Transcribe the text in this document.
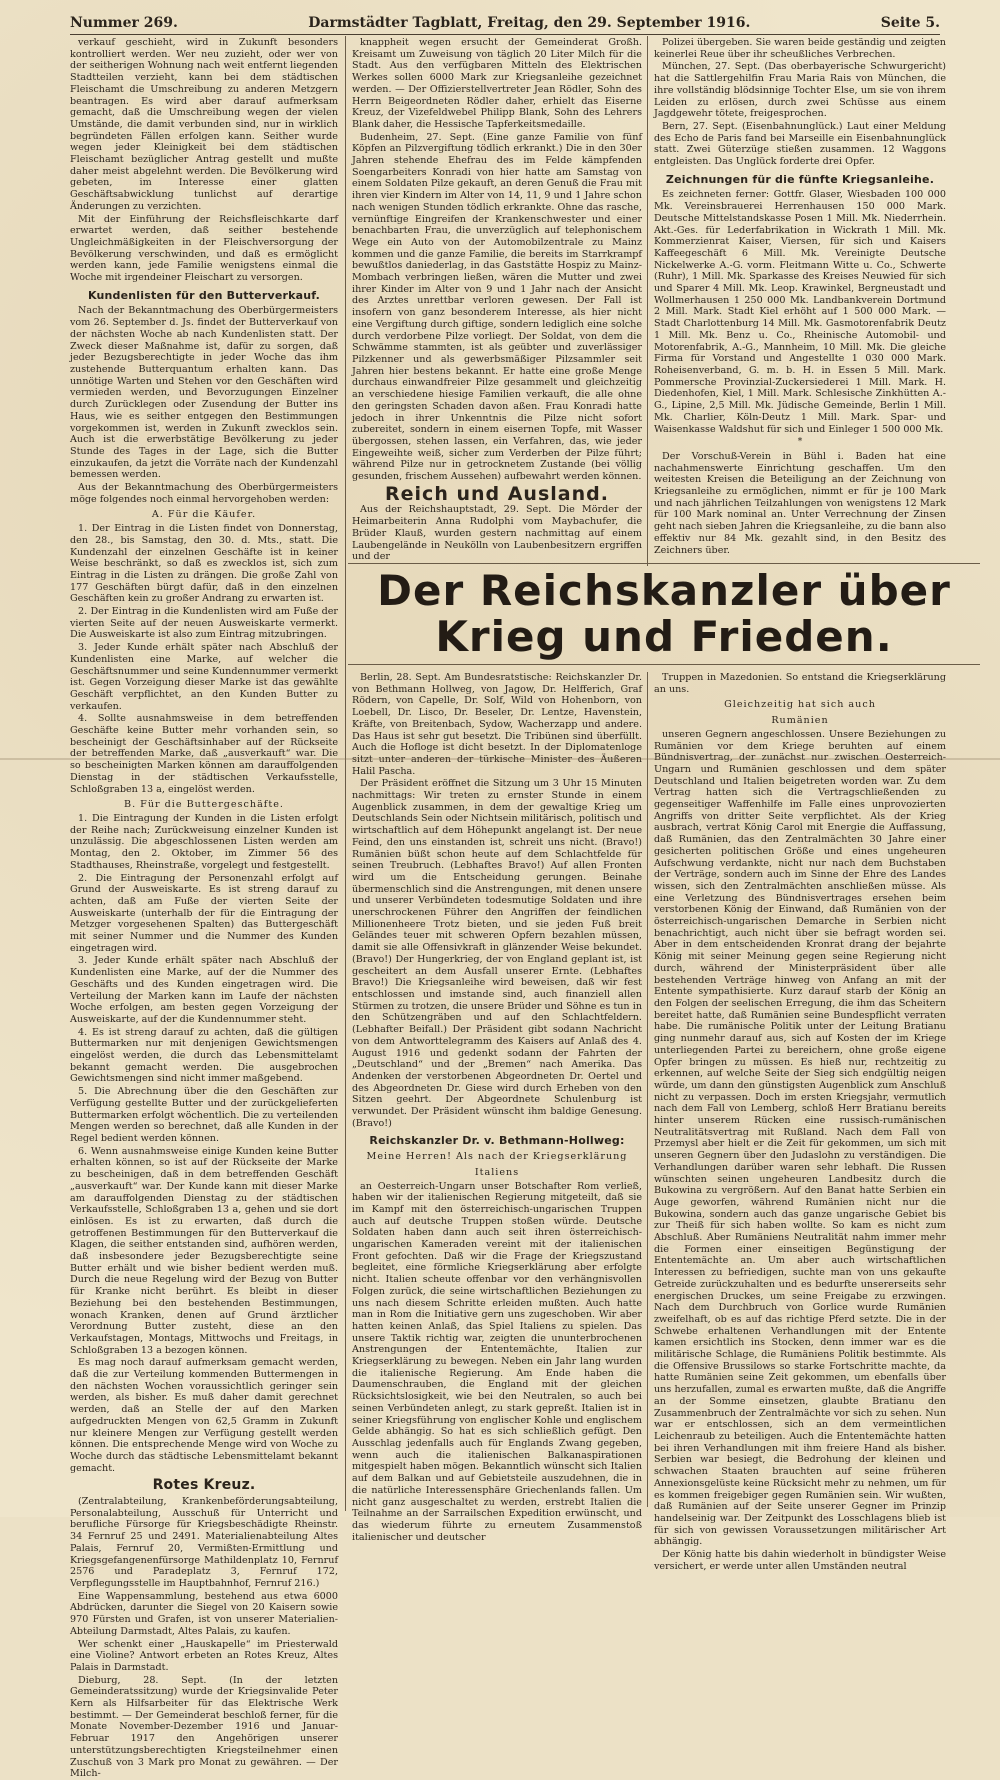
Nummer 269.	Darmstädter Tagblatt, Freitag, den 29. September 1916.	Seite 5.

verkauf geschieht, wird in Zukunft besonders kontrolliert werden. Wer neu zuzieht, oder wer von der seitherigen Wohnung nach weit entfernt liegenden Stadtteilen verzieht, kann bei dem städtischen Fleischamt die Umschreibung zu anderen Metzgern beantragen. Es wird aber darauf aufmerksam gemacht, daß die Umschreibung wegen der vielen Umstände, die damit verbunden sind, nur in wirklich begründeten Fällen erfolgen kann. Seither wurde wegen jeder Kleinigkeit bei dem städtischen Fleischamt bezüglicher Antrag gestellt und mußte daher meist abgelehnt werden. Die Bevölkerung wird gebeten, im Interesse einer glatten Geschäftsabwicklung tunlichst auf derartige Änderungen zu verzichten.

Mit der Einführung der Reichsfleischkarte darf erwartet werden, daß seither bestehende Ungleichmäßigkeiten in der Fleischversorgung der Bevölkerung verschwinden, und daß es ermöglicht werden kann, jede Familie wenigstens einmal die Woche mit irgendeiner Fleischart zu versorgen.

Kundenlisten für den Butterverkauf.

Nach der Bekanntmachung des Oberbürgermeisters vom 26. September d. Js. findet der Butterverkauf von der nächsten Woche ab nach Kundenlisten statt. Der Zweck dieser Maßnahme ist, dafür zu sorgen, daß jeder Bezugsberechtigte in jeder Woche das ihm zustehende Butterquantum erhalten kann. Das unnötige Warten und Stehen vor den Geschäften wird vermieden werden, und Bevorzugungen Einzelner durch Zurücklegen oder Zusendung der Butter ins Haus, wie es seither entgegen den Bestimmungen vorgekommen ist, werden in Zukunft zwecklos sein. Auch ist die erwerbstätige Bevölkerung zu jeder Stunde des Tages in der Lage, sich die Butter einzukaufen, da jetzt die Vorräte nach der Kundenzahl bemessen werden.

Aus der Bekanntmachung des Oberbürgermeisters möge folgendes noch einmal hervorgehoben werden:

A. Für die Käufer.

1. Der Eintrag in die Listen findet von Donnerstag, den 28., bis Samstag, den 30. d. Mts., statt. Die Kundenzahl der einzelnen Geschäfte ist in keiner Weise beschränkt, so daß es zwecklos ist, sich zum Eintrag in die Listen zu drängen. Die große Zahl von 177 Geschäften bürgt dafür, daß in den einzelnen Geschäften kein zu großer Andrang zu erwarten ist.

2. Der Eintrag in die Kundenlisten wird am Fuße der vierten Seite auf der neuen Ausweiskarte vermerkt. Die Ausweiskarte ist also zum Eintrag mitzubringen.

3. Jeder Kunde erhält später nach Abschluß der Kundenlisten eine Marke, auf welcher die Geschäftsnummer und seine Kundennummer vermerkt ist. Gegen Vorzeigung dieser Marke ist das gewählte Geschäft verpflichtet, an den Kunden Butter zu verkaufen.

4. Sollte ausnahmsweise in dem betreffenden Geschäfte keine Butter mehr vorhanden sein, so bescheinigt der Geschäftsinhaber auf der Rückseite der betreffenden Marke, daß „ausverkauft“ war. Die so bescheinigten Marken können am darauffolgenden Dienstag in der städtischen Verkaufsstelle, Schloßgraben 13 a, eingelöst werden.

B. Für die Buttergeschäfte.

1. Die Eintragung der Kunden in die Listen erfolgt der Reihe nach; Zurückweisung einzelner Kunden ist unzulässig. Die abgeschlossenen Listen werden am Montag, den 2. Oktober, im Zimmer 56 des Stadthauses, Rheinstraße, vorgelegt und festgestellt.

2. Die Eintragung der Personenzahl erfolgt auf Grund der Ausweiskarte. Es ist streng darauf zu achten, daß am Fuße der vierten Seite der Ausweiskarte (unterhalb der für die Eintragung der Metzger vorgesehenen Spalten) das Buttergeschäft mit seiner Nummer und die Nummer des Kunden eingetragen wird.

3. Jeder Kunde erhält später nach Abschluß der Kundenlisten eine Marke, auf der die Nummer des Geschäfts und des Kunden eingetragen wird. Die Verteilung der Marken kann im Laufe der nächsten Woche erfolgen, am besten gegen Vorzeigung der Ausweiskarte, auf der die Kundennummer steht.

4. Es ist streng darauf zu achten, daß die gültigen Buttermarken nur mit denjenigen Gewichtsmengen eingelöst werden, die durch das Lebensmittelamt bekannt gemacht werden. Die ausgebrochen Gewichtsmengen sind nicht immer maßgebend.

5. Die Abrechnung über die den Geschäften zur Verfügung gestellte Butter und der zurückgelieferten Buttermarken erfolgt wöchentlich. Die zu verteilenden Mengen werden so berechnet, daß alle Kunden in der Regel bedient werden können.

6. Wenn ausnahmsweise einige Kunden keine Butter erhalten können, so ist auf der Rückseite der Marke zu bescheinigen, daß in dem betreffenden Geschäft „ausverkauft“ war. Der Kunde kann mit dieser Marke am darauffolgenden Dienstag zu der städtischen Verkaufsstelle, Schloßgraben 13 a, gehen und sie dort einlösen. Es ist zu erwarten, daß durch die getroffenen Bestimmungen für den Butterverkauf die Klagen, die seither entstanden sind, aufhören werden, daß insbesondere jeder Bezugsberechtigte seine Butter erhält und wie bisher bedient werden muß. Durch die neue Regelung wird der Bezug von Butter für Kranke nicht berührt. Es bleibt in dieser Beziehung bei den bestehenden Bestimmungen, wonach Kranken, denen auf Grund ärztlicher Verordnung Butter zusteht, diese an den Verkaufstagen, Montags, Mittwochs und Freitags, in Schloßgraben 13 a bezogen können.

Es mag noch darauf aufmerksam gemacht werden, daß die zur Verteilung kommenden Buttermengen in den nächsten Wochen voraussichtlich geringer sein werden, als bisher. Es muß daher damit gerechnet werden, daß an Stelle der auf den Marken aufgedruckten Mengen von 62,5 Gramm in Zukunft nur kleinere Mengen zur Verfügung gestellt werden können. Die entsprechende Menge wird von Woche zu Woche durch das städtische Lebensmittelamt bekannt gemacht.

Rotes Kreuz.

(Zentralabteilung, Krankenbeförderungsabteilung, Personalabteilung, Ausschuß für Unterricht und berufliche Fürsorge für Kriegsbeschädigte Rheinstr. 34 Fernruf 25 und 2491. Materialienabteilung Altes Palais, Fernruf 20, Vermißten-Ermittlung und Kriegsgefangenenfürsorge Mathildenplatz 10, Fernruf 2576 und Paradeplatz 3, Fernruf 172, Verpflegungsstelle im Hauptbahnhof, Fernruf 216.)

Eine Wappensammlung, bestehend aus etwa 6000 Abdrücken, darunter die Siegel von 20 Kaisern sowie 970 Fürsten und Grafen, ist von unserer Materialien-Abteilung Darmstadt, Altes Palais, zu kaufen.

Wer schenkt einer „Hauskapelle“ im Priesterwald eine Violine? Antwort erbeten an Rotes Kreuz, Altes Palais in Darmstadt.

Dieburg, 28. Sept. (In der letzten Gemeinderatssitzung) wurde der Kriegsinvalide Peter Kern als Hilfsarbeiter für das Elektrische Werk bestimmt. — Der Gemeinderat beschloß ferner, für die Monate November-Dezember 1916 und Januar-Februar 1917 den Angehörigen unserer unterstützungsberechtigten Kriegsteilnehmer einen Zuschuß von 3 Mark pro Monat zu gewähren. — Der Milch-

knappheit wegen ersucht der Gemeinderat Großh. Kreisamt um Zuweisung von täglich 20 Liter Milch für die Stadt. Aus den verfügbaren Mitteln des Elektrischen Werkes sollen 6000 Mark zur Kriegsanleihe gezeichnet werden. — Der Offizierstellvertreter Jean Rödler, Sohn des Herrn Beigeordneten Rödler daher, erhielt das Eiserne Kreuz, der Vizefeldwebel Philipp Blank, Sohn des Lehrers Blank daher, die Hessische Tapferkeitsmedaille.

Budenheim, 27. Sept. (Eine ganze Familie von fünf Köpfen an Pilzvergiftung tödlich erkrankt.) Die in den 30er Jahren stehende Ehefrau des im Felde kämpfenden Soengarbeiters Konradi von hier hatte am Samstag von einem Soldaten Pilze gekauft, an deren Genuß die Frau mit ihren vier Kindern im Alter von 14, 11, 9 und 1 Jahre schon nach wenigen Stunden tödlich erkrankte. Ohne das rasche, vernünftige Eingreifen der Krankenschwester und einer benachbarten Frau, die unverzüglich auf telephonischem Wege ein Auto von der Automobilzentrale zu Mainz kommen und die ganze Familie, die bereits im Starrkrampf bewußtlos daniederlag, in das Gaststätte Hospiz zu Mainz-Mombach verbringen ließen, wären die Mutter und zwei ihrer Kinder im Alter von 9 und 1 Jahr nach der Ansicht des Arztes unrettbar verloren gewesen. Der Fall ist insofern von ganz besonderem Interesse, als hier nicht eine Vergiftung durch giftige, sondern lediglich eine solche durch verdorbene Pilze vorliegt. Der Soldat, von dem die Schwämme stammten, ist als geübter und zuverlässiger Pilzkenner und als gewerbsmäßiger Pilzsammler seit Jahren hier bestens bekannt. Er hatte eine große Menge durchaus einwandfreier Pilze gesammelt und gleichzeitig an verschiedene hiesige Familien verkauft, die alle ohne den geringsten Schaden davon aßen. Frau Konradi hatte jedoch in ihrer Unkenntnis die Pilze nicht sofort zubereitet, sondern in einem eisernen Topfe, mit Wasser übergossen, stehen lassen, ein Verfahren, das, wie jeder Eingeweihte weiß, sicher zum Verderben der Pilze führt; während Pilze nur in getrocknetem Zustande (bei völlig gesunden, frischem Aussehen) aufbewahrt werden können.

Reich und Ausland.

Aus der Reichshauptstadt, 29. Sept. Die Mörder der Heimarbeiterin Anna Rudolphi vom Maybachufer, die Brüder Klauß, wurden gestern nachmittag auf einem Laubengelände in Neukölln von Laubenbesitzern ergriffen und der

Polizei übergeben. Sie waren beide geständig und zeigten keinerlei Reue über ihr scheußliches Verbrechen.

München, 27. Sept. (Das oberbayerische Schwurgericht) hat die Sattlergehilfin Frau Maria Rais von München, die ihre vollständig blödsinnige Tochter Else, um sie von ihrem Leiden zu erlösen, durch zwei Schüsse aus einem Jagdgewehr tötete, freigesprochen.

Bern, 27. Sept. (Eisenbahnunglück.) Laut einer Meldung des Echo de Paris fand bei Marseille ein Eisenbahnunglück statt. Zwei Güterzüge stießen zusammen. 12 Waggons entgleisten. Das Unglück forderte drei Opfer.

Zeichnungen für die fünfte Kriegsanleihe.

Es zeichneten ferner: Gottfr. Glaser, Wiesbaden 100 000 Mk. Vereinsbrauerei Herrenhausen 150 000 Mark. Deutsche Mittelstandskasse Posen 1 Mill. Mk. Niederrhein. Akt.-Ges. für Lederfabrikation in Wickrath 1 Mill. Mk. Kommerzienrat Kaiser, Viersen, für sich und Kaisers Kaffeegeschäft 6 Mill. Mk. Vereinigte Deutsche Nickelwerke A.-G. vorm. Fleitmann Witte u. Co., Schwerte (Ruhr), 1 Mill. Mk. Sparkasse des Kreises Neuwied für sich und Sparer 4 Mill. Mk. Leop. Krawinkel, Bergneustadt und Wollmerhausen 1 250 000 Mk. Landbankverein Dortmund 2 Mill. Mark. Stadt Kiel erhöht auf 1 500 000 Mark. — Stadt Charlottenburg 14 Mill. Mk. Gasmotorenfabrik Deutz 1 Mill. Mk. Benz u. Co., Rheinische Automobil- und Motorenfabrik, A.-G., Mannheim, 10 Mill. Mk. Die gleiche Firma für Vorstand und Angestellte 1 030 000 Mark. Roheisenverband, G. m. b. H. in Essen 5 Mill. Mark. Pommersche Provinzial-Zuckersiederei 1 Mill. Mark. H. Diedenhofen, Kiel, 1 Mill. Mark. Schlesische Zinkhütten A.-G., Lipine, 2,5 Mill. Mk. Jüdische Gemeinde, Berlin 1 Mill. Mk. Charlier, Köln-Deutz 1 Mill. Mark. Spar- und Waisenkasse Waldshut für sich und Einleger 1 500 000 Mk.

*

Der Vorschuß-Verein in Bühl i. Baden hat eine nachahmenswerte Einrichtung geschaffen. Um den weitesten Kreisen die Beteiligung an der Zeichnung von Kriegsanleihe zu ermöglichen, nimmt er für je 100 Mark und nach jährlichen Teilzahlungen von wenigstens 12 Mark für 100 Mark nominal an. Unter Verrechnung der Zinsen geht nach sieben Jahren die Kriegsanleihe, zu die bann also effektiv nur 84 Mk. gezahlt sind, in den Besitz des Zeichners über.

Der Reichskanzler über
Krieg und Frieden.

Berlin, 28. Sept. Am Bundesratstische: Reichskanzler Dr. von Bethmann Hollweg, von Jagow, Dr. Helfferich, Graf Rödern, von Capelle, Dr. Solf, Wild von Hohenborn, von Loebell, Dr. Lisco, Dr. Beseler, Dr. Lentze, Havenstein, Kräfte, von Breitenbach, Sydow, Wacherzapp und andere. Das Haus ist sehr gut besetzt. Die Tribünen sind überfüllt. Auch die Hofloge ist dicht besetzt. In der Diplomatenloge sitzt unter anderen der türkische Minister des Äußeren Halil Pascha.

Der Präsident eröffnet die Sitzung um 3 Uhr 15 Minuten nachmittags: Wir treten zu ernster Stunde in einem Augenblick zusammen, in dem der gewaltige Krieg um Deutschlands Sein oder Nichtsein militärisch, politisch und wirtschaftlich auf dem Höhepunkt angelangt ist. Der neue Feind, den uns einstanden ist, schreit uns nicht. (Bravo!) Rumänien büßt schon heute auf dem Schlachtfelde für seinen Treubruch. (Lebhaftes Bravo!) Auf allen Fronten wird um die Entscheidung gerungen. Beinahe übermenschlich sind die Anstrengungen, mit denen unsere und unserer Verbündeten todesmutige Soldaten und ihre unerschrockenen Führer den Angriffen der feindlichen Millionenheere Trotz bieten, und sie jeden Fuß breit Geländes teuer mit schweren Opfern bezahlen müssen, damit sie alle Offensivkraft in glänzender Weise bekundet. (Bravo!) Der Hungerkrieg, der von England geplant ist, ist gescheitert an dem Ausfall unserer Ernte. (Lebhaftes Bravo!) Die Kriegsanleihe wird beweisen, daß wir fest entschlossen und imstande sind, auch finanziell allen Stürmen zu trotzen, die unsere Brüder und Söhne es tun in den Schützengräben und auf den Schlachtfeldern. (Lebhafter Beifall.) Der Präsident gibt sodann Nachricht von dem Antworttelegramm des Kaisers auf Anlaß des 4. August 1916 und gedenkt sodann der Fahrten der „Deutschland“ und der „Bremen“ nach Amerika. Das Andenken der verstorbenen Abgeordneten Dr. Oertel und des Abgeordneten Dr. Giese wird durch Erheben von den Sitzen geehrt. Der Abgeordnete Schulenburg ist verwundet. Der Präsident wünscht ihm baldige Genesung. (Bravo!)

Reichskanzler Dr. v. Bethmann-Hollweg:
Meine Herren! Als nach der Kriegserklärung
Italiens

an Oesterreich-Ungarn unser Botschafter Rom verließ, haben wir der italienischen Regierung mitgeteilt, daß sie im Kampf mit den österreichisch-ungarischen Truppen auch auf deutsche Truppen stoßen würde. Deutsche Soldaten haben dann auch seit ihren österreichisch-ungarischen Kameraden vereint mit der italienischen Front gefochten. Daß wir die Frage der Kriegszustand begleitet, eine förmliche Kriegserklärung aber erfolgte nicht. Italien scheute offenbar vor den verhängnisvollen Folgen zurück, die seine wirtschaftlichen Beziehungen zu uns nach diesem Schritte erleiden mußten. Auch hatte man in Rom die Initiative gern uns zugeschoben. Wir aber hatten keinen Anlaß, das Spiel Italiens zu spielen. Das unsere Taktik richtig war, zeigten die ununterbrochenen Anstrengungen der Ententemächte, Italien zur Kriegserklärung zu bewegen. Neben ein Jahr lang wurden die italienische Regierung. Am Ende haben die Daumenschrauben, die England mit der gleichen Rücksichtslosigkeit, wie bei den Neutralen, so auch bei seinen Verbündeten anlegt, zu stark gepreßt. Italien ist in seiner Kriegsführung von englischer Kohle und englischem Gelde abhängig. So hat es sich schließlich gefügt. Den Ausschlag jedenfalls auch für Englands Zwang gegeben, wenn auch die italienischen Balkanaspirationen mitgespielt haben mögen. Bekanntlich wünscht sich Italien auf dem Balkan und auf Gebietsteile auszudehnen, die in die natürliche Interessensphäre Griechenlands fallen. Um nicht ganz ausgeschaltet zu werden, erstrebt Italien die Teilnahme an der Sarrailschen Expedition erwünscht, und das wiederum führte zu erneutem Zusammenstoß italienischer und deutscher

Truppen in Mazedonien. So entstand die Kriegserklärung an uns.

Gleichzeitig hat sich auch
Rumänien

unseren Gegnern angeschlossen. Unsere Beziehungen zu Rumänien vor dem Kriege beruhten auf einem Bündnisvertrag, der zunächst nur zwischen Oesterreich-Ungarn und Rumänien geschlossen und dem später Deutschland und Italien beigetreten worden war. Zu dem Vertrag hatten sich die Vertragschließenden zu gegenseitiger Waffenhilfe im Falle eines unprovozierten Angriffs von dritter Seite verpflichtet. Als der Krieg ausbrach, vertrat König Carol mit Energie die Auffassung, daß Rumänien, das den Zentralmächten 30 Jahre einer gesicherten politischen Größe und eines ungeheuren Aufschwung verdankte, nicht nur nach dem Buchstaben der Verträge, sondern auch im Sinne der Ehre des Landes wissen, sich den Zentralmächten anschließen müsse. Als eine Verletzung des Bündnisvertrages ersehen beim verstorbenen König der Einwand, daß Rumänien von der österreichisch-ungarischen Demarche in Serbien nicht benachrichtigt, auch nicht über sie befragt worden sei. Aber in dem entscheidenden Kronrat drang der bejahrte König mit seiner Meinung gegen seine Regierung nicht durch, während der Ministerpräsident über alle bestehenden Verträge hinweg von Anfang an mit der Entente sympathisierte. Kurz darauf starb der König an den Folgen der seelischen Erregung, die ihm das Scheitern bereitet hatte, daß Rumänien seine Bundespflicht verraten habe. Die rumänische Politik unter der Leitung Bratianu ging nunmehr darauf aus, sich auf Kosten der im Kriege unterliegenden Partei zu bereichern, ohne große eigene Opfer bringen zu müssen. Es hieß nur, rechtzeitig zu erkennen, auf welche Seite der Sieg sich endgültig neigen würde, um dann den günstigsten Augenblick zum Anschluß nicht zu verpassen. Doch im ersten Kriegsjahr, vermutlich nach dem Fall von Lemberg, schloß Herr Bratianu bereits hinter unserem Rücken eine russisch-rumänischen Neutralitätsvertrag mit Rußland. Nach dem Fall von Przemysl aber hielt er die Zeit für gekommen, um sich mit unseren Gegnern über den Judaslohn zu verständigen. Die Verhandlungen darüber waren sehr lebhaft. Die Russen wünschten seinen ungeheuren Landbesitz durch die Bukowina zu vergrößern. Auf den Banat hatte Serbien ein Auge geworfen, während Rumänien nicht nur die Bukowina, sondern auch das ganze ungarische Gebiet bis zur Theiß für sich haben wollte. So kam es nicht zum Abschluß. Aber Rumäniens Neutralität nahm immer mehr die Formen einer einseitigen Begünstigung der Ententemächte an. Um aber auch wirtschaftlichen Interessen zu befriedigen, suchte man von uns gekaufte Getreide zurückzuhalten und es bedurfte unsererseits sehr energischen Druckes, um seine Freigabe zu erzwingen. Nach dem Durchbruch von Gorlice wurde Rumänien zweifelhaft, ob es auf das richtige Pferd setzte. Die in der Schwebe erhaltenen Verhandlungen mit der Entente kamen ersichtlich ins Stocken, denn immer war es die militärische Schlage, die Rumäniens Politik bestimmte. Als die Offensive Brussilows so starke Fortschritte machte, da hatte Rumänien seine Zeit gekommen, um ebenfalls über uns herzufallen, zumal es erwarten mußte, daß die Angriffe an der Somme einsetzen, glaubte Bratianu den Zusammenbruch der Zentralmächte vor sich zu sehen. Nun war er entschlossen, sich an dem vermeintlichen Leichenraub zu beteiligen. Auch die Ententemächte hatten bei ihren Verhandlungen mit ihm freiere Hand als bisher. Serbien war besiegt, die Bedrohung der kleinen und schwachen Staaten brauchten auf seine früheren Annexionsgelüste keine Rücksicht mehr zu nehmen, um für es kommen freigebiger gegen Rumänien sein. Wir wußten, daß Rumänien auf der Seite unserer Gegner im Prinzip handelseinig war. Der Zeitpunkt des Losschlagens blieb ist für sich von gewissen Voraussetzungen militärischer Art abhängig.

Der König hatte bis dahin wiederholt in bündigster Weise versichert, er werde unter allen Umständen neutral
